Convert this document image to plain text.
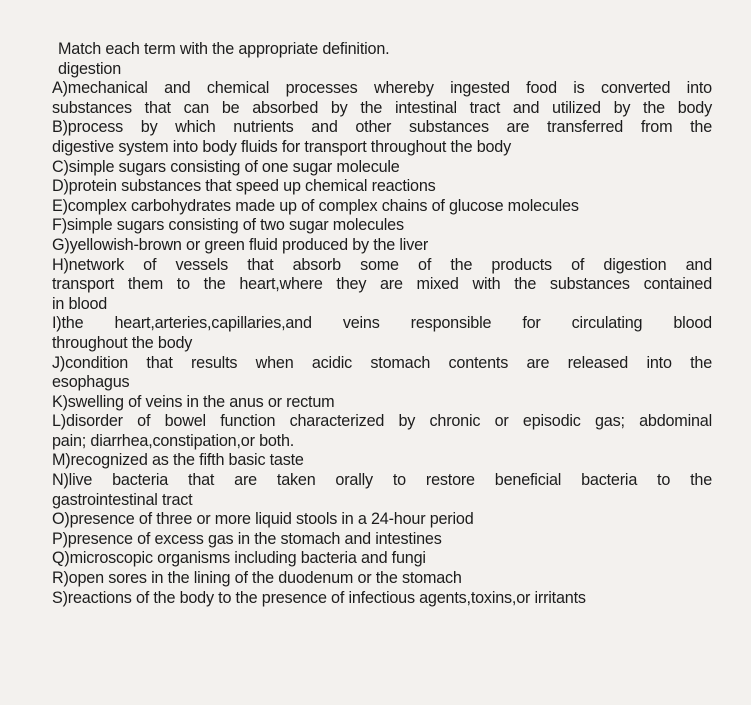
Match each term with the appropriate definition.
digestion
A)mechanical and chemical processes whereby ingested food is converted into
substances that can be absorbed by the intestinal tract and utilized by the body
B)process by which nutrients and other substances are transferred from the
digestive system into body fluids for transport throughout the body
C)simple sugars consisting of one sugar molecule
D)protein substances that speed up chemical reactions
E)complex carbohydrates made up of complex chains of glucose molecules
F)simple sugars consisting of two sugar molecules
G)yellowish-brown or green fluid produced by the liver
H)network of vessels that absorb some of the products of digestion and
transport them to the heart,where they are mixed with the substances contained
in blood
I)the heart,arteries,capillaries,and veins responsible for circulating blood
throughout the body
J)condition that results when acidic stomach contents are released into the
esophagus
K)swelling of veins in the anus or rectum
L)disorder of bowel function characterized by chronic or episodic gas; abdominal
pain; diarrhea,constipation,or both.
M)recognized as the fifth basic taste
N)live bacteria that are taken orally to restore beneficial bacteria to the
gastrointestinal tract
O)presence of three or more liquid stools in a 24-hour period
P)presence of excess gas in the stomach and intestines
Q)microscopic organisms including bacteria and fungi
R)open sores in the lining of the duodenum or the stomach
S)reactions of the body to the presence of infectious agents,toxins,or irritants
